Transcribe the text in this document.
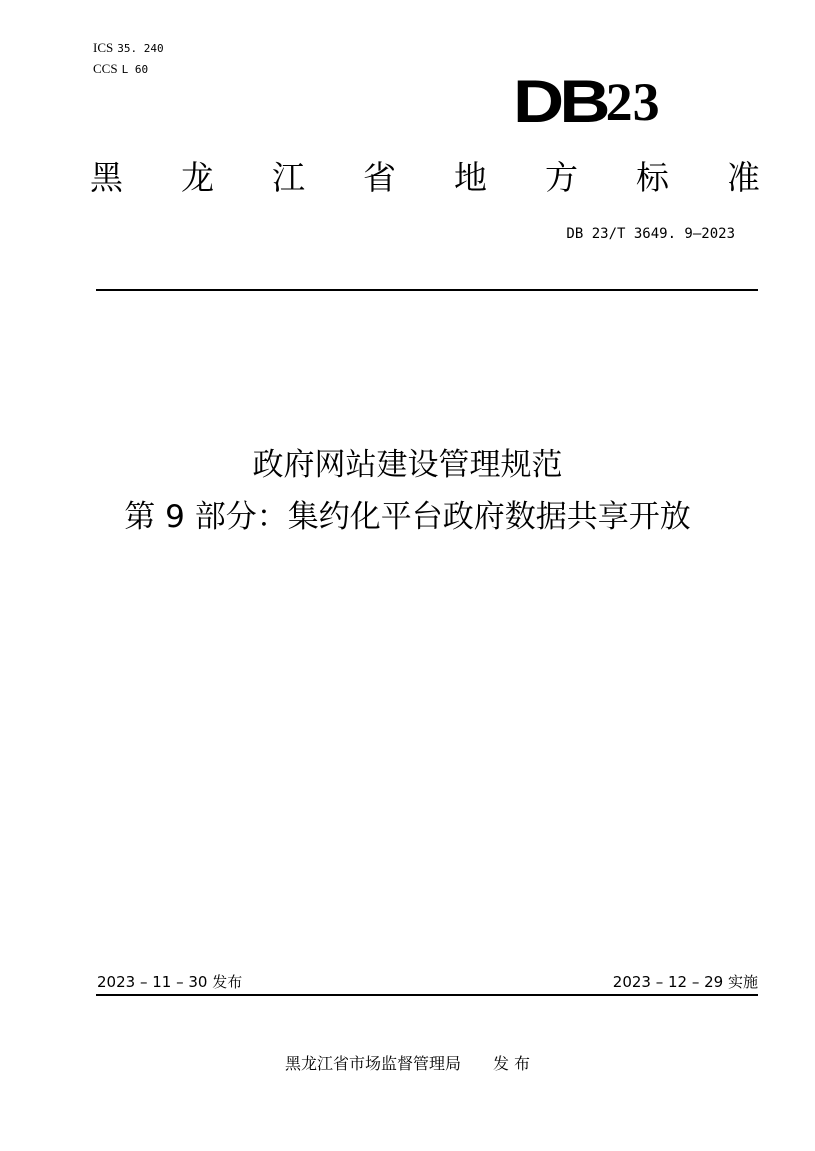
ICS 35. 240
CCS L 60	DB 23
黑 龙 江 省 地 方 标 准
DB 23/T 3649. 9—2023
政府网站建设管理规范
第 9 部分：集约化平台政府数据共享开放
2023 – 11 – 30 发布	2023 – 12 – 29 实施
黑龙江省市场监督管理局　　发 布
